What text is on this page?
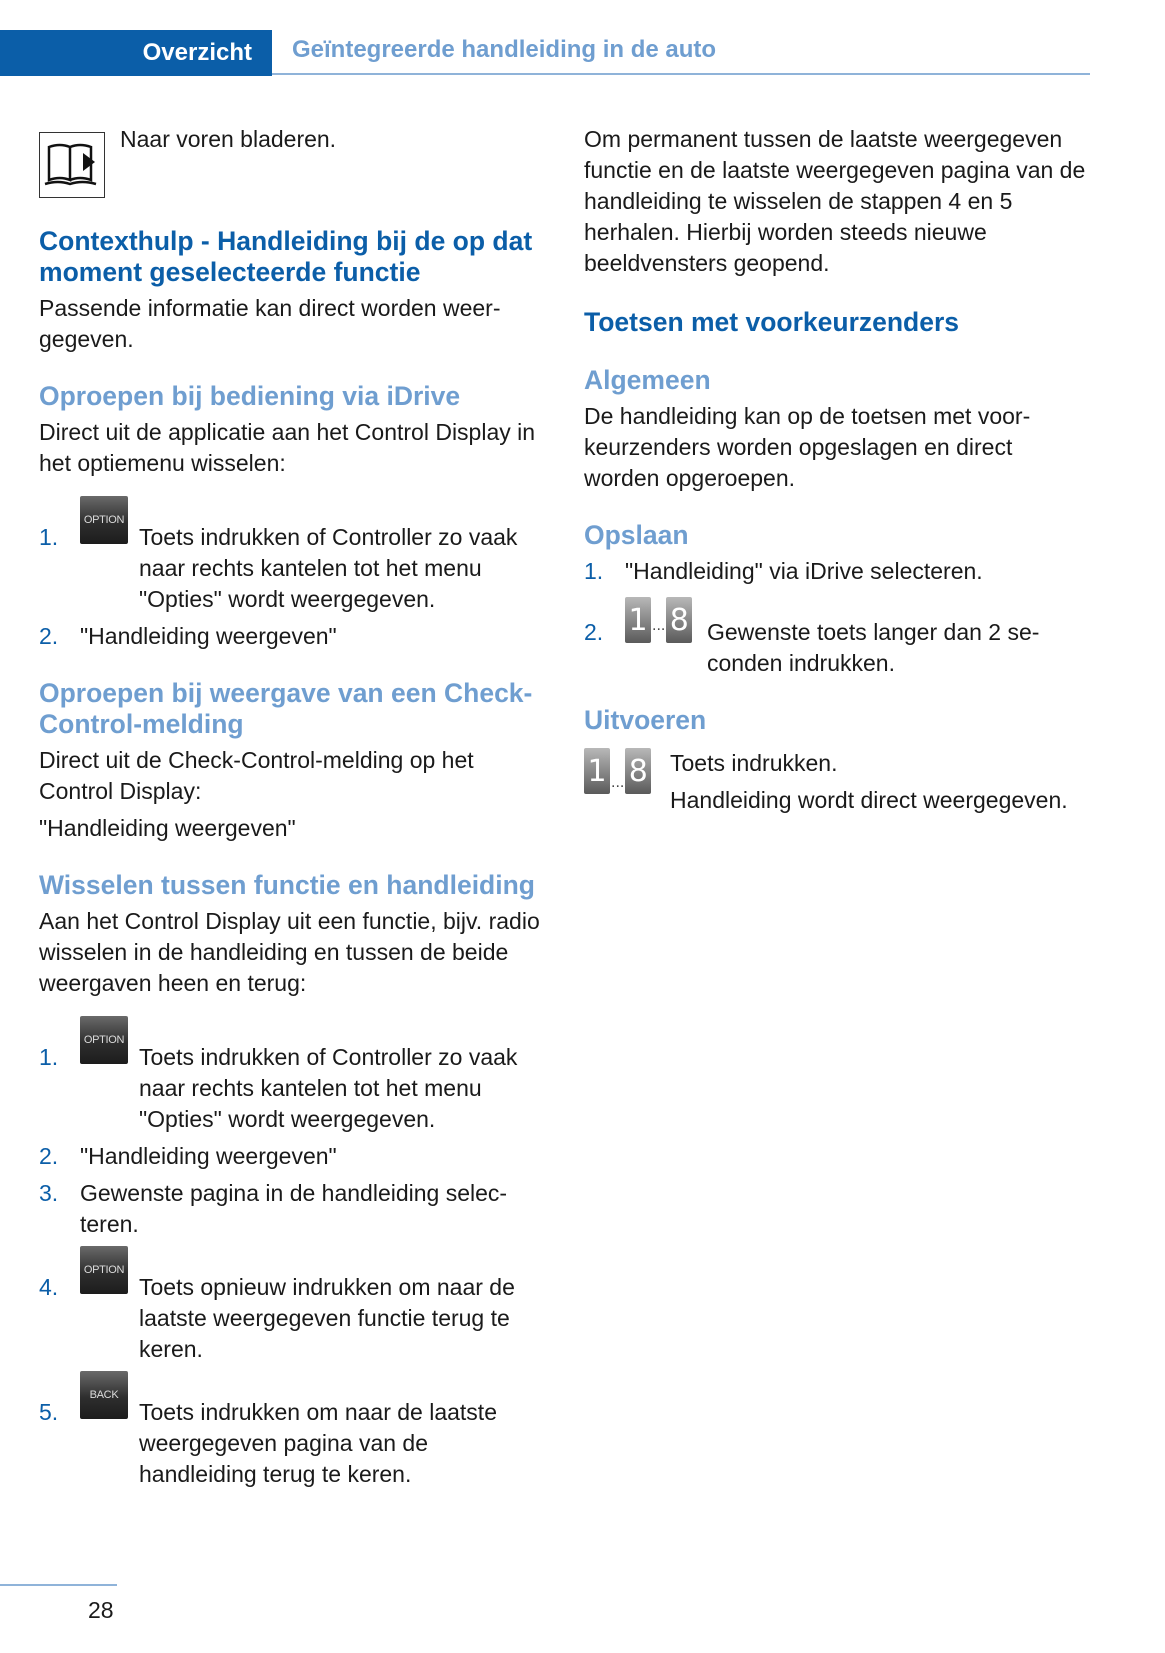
Overzicht	Geïntegreerde handleiding in de auto

Naar voren bladeren.

Contexthulp - Handleiding bij de op dat moment geselecteerde functie

Passende informatie kan direct worden weergegeven.

Oproepen bij bediening via iDrive

Direct uit de applicatie aan het Control Display in het optiemenu wisselen:

1.
OPTION
Toets indrukken of Controller zo vaak naar rechts kantelen tot het menu "Opties" wordt weergegeven.
2. "Handleiding weergeven"
Oproepen bij weergave van een Check-Control-melding

Direct uit de Check-Control-melding op het Control Display:

"Handleiding weergeven"

Wisselen tussen functie en handleiding

Aan het Control Display uit een functie, bijv. radio wisselen in de handleiding en tussen de beide weergaven heen en terug:

1.
OPTION
Toets indrukken of Controller zo vaak naar rechts kantelen tot het menu "Opties" wordt weergegeven.
2. "Handleiding weergeven"
3. Gewenste pagina in de handleiding selecteren.
4.
OPTION
Toets opnieuw indrukken om naar de laatste weergegeven functie terug te keren.
5.
BACK
Toets indrukken om naar de laatste weergegeven pagina van de handleiding terug te keren.

Om permanent tussen de laatste weergegeven functie en de laatste weergegeven pagina van de handleiding te wisselen de stappen 4 en 5 herhalen. Hierbij worden steeds nieuwe beeldvensters geopend.

Toetsen met voorkeurzenders
Algemeen

De handleiding kan op de toetsen met voorkeurzenders worden opgeslagen en direct worden opgeroepen.

Opslaan
1. "Handleiding" via iDrive selecteren.
2. 1 ... 8 Gewenste toets langer dan 2 seconden indrukken.
Uitvoeren
1 ... 8 Toets indrukken.

Handleiding wordt direct weergegeven.

28
